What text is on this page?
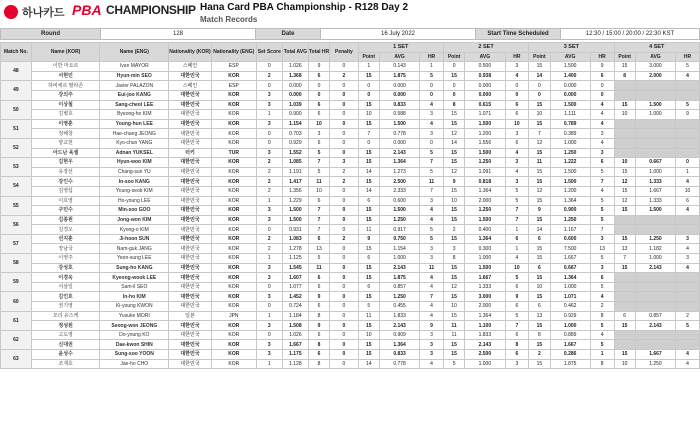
하나카드 PBA CHAMPIONSHIP Hana Card PBA Championship - R128 Day 2
Match Records
Round	128	Date	16 July 2022	Start Time Scheduled	12:30 / 15:00 / 20:00 / 22:30 KST
Match No.	Name (KOR)	Name (ENG)	Nationality (KOR)	Nationality (ENG)	Set Score	Total AVG	Total HR	Penalty	1 SET			2 SET			3 SET			4 SET		
									Point	AVG	HR	Point	AVG	HR	Point	AVG	HR	Point	AVG	HR
48	이반 마요르	Ivan MAYOR	스페인	ESP	0	1.026	9	0	1	0.143	1	0	0.500	3	15	1.500	9	15	3.000	5
	서현민	Hyun-min SEO	대한민국	KOR	2	1.368	6	2	15	1.875	5	15	0.938	4	14	1.400	6	8	2.000	4
49	하비에르 팔라존	Javier PALAZON	스페인	ESP	0	0.000	0	0	0	0.000	0	0	0.000	0	0	0.000	0			
	강의주	Eui-joo KANG	대한민국	KOR	3	0.000	0	0	0	0.000	0	0	0.000	0	0	0.000	0			
50	이상철	Sang-cheol LEE	대한민국	KOR	3	1.039	6	0	15	0.833	4	8	0.615	6	15	1.500	4	15	1.500	5
	김병호	Byeong-ho KIM	대한민국	KOR	1	0.900	6	0	10	0.588	3	15	1.071	6	10	1.111	4	10	1.000	9
51	이영훈	Young-hun LEE	대한민국	KOR	3	1.154	10	0	15	1.500	4	15	1.500	10	15	0.789	4			
	정해창	Hae-chang JEONG	대한민국	KOR	0	0.703	3	0	7	0.778	3	12	1.200	3	7	0.389	3			
52	양교천	Kyo-chun YANG	대한민국	KOR	0	0.929	6	0	0	0.000	0	14	1.556	6	12	1.000	4			
	아드난 육셀	Adnan YUKSEL	터키	TUR	3	1.552	5	0	15	2.143	5	15	1.500	4	15	1.250	3			
53	김현우	Hyun-woo KIM	대한민국	KOR	2	1.085	7	3	15	1.364	7	15	1.250	3	11	1.222	6	10	0.667	0
	유장선	Chang-sun YU	대한민국	KOR	2	1.191	5	2	14	1.273	5	12	1.091	4	15	1.500	5	15	1.000	1
54	강인수	In-soo KANG	대한민국	KOR	2	1.417	11	2	15	2.500	11	9	0.818	3	15	1.500	7	12	1.333	4
	김영섭	Young-seob KIM	대한민국	KOR	2	1.356	10	0	14	2.333	7	15	1.364	5	12	1.200	4	15	1.667	10
55	이호영	Ho-young LEE	대한민국	KOR	1	1.229	6	0	6	0.600	3	10	2.000	5	15	1.364	5	12	1.333	6
	구민수	Min-soo GOO	대한민국	KOR	3	1.500	7	0	15	1.500	4	15	1.250	7	9	0.900	5	15	1.500	4
56	김종원	Jong-won KIM	대한민국	KOR	3	1.500	7	0	15	1.250	4	15	1.500	7	15	1.250	5			
	김경오	Kyong-o KIM	대한민국	KOR	0	0.931	7	0	11	0.917	5	2	0.400	1	14	1.167	7			
57	선지훈	Ji-hoon SUN	대한민국	KOR	2	1.083	6	2	9	0.750	5	15	1.364	6	6	0.600	3	15	1.250	3
	장남국	Nam-guk JANG	대한민국	KOR	2	1.278	13	0	15	1.154	3	3	0.300	1	15	7.500	13	13	1.182	4
58	이영주	Yeon-sung LEE	대한민국	KOR	1	1.125	5	0	6	1.000	3	8	1.000	4	15	1.667	5	7	1.000	3
	강성호	Sung-ho KANG	대한민국	KOR	3	1.545	11	0	15	2.143	11	15	1.500	10	6	0.667	3	15	2.143	4
59	이경욱	Kyeong-wook LEE	대한민국	KOR	3	1.607	6	0	15	1.875	4	15	1.667	5	15	1.364	6			
	서삼일	Sam-il SEO	대한민국	KOR	0	1.077	6	0	6	0.857	4	12	1.333	6	10	1.000	5			
60	김인호	In-ho KIM	대한민국	KOR	3	1.452	9	0	15	1.250	7	15	3.000	9	15	1.071	4			
	권기영	Ki-young KWON	대한민국	KOR	0	0.724	6	0	5	0.455	4	10	2.000	6	6	0.462	2			
61	모리 유스케	Yusuke MORI	일본	JPN	1	1.184	8	0	11	1.833	4	15	1.364	5	13	0.929	8	6	0.857	2
	정성원	Seong-won JEONG	대한민국	KOR	3	1.508	9	0	15	2.143	9	11	1.100	7	15	1.000	5	15	2.143	5
62	고도영	Do-young KO	대한민국	KOR	0	1.026	6	0	10	0.909	3	11	1.833	6	8	0.889	4			
	신대권	Dae-kwon SHIN	대한민국	KOR	3	1.667	8	0	15	1.364	3	15	2.143	8	15	1.667	5			
63	윤성수	Sung-soo YOON	대한민국	KOR	3	1.175	6	0	15	0.833	3	15	2.500	6	2	0.286	1	15	1.667	4
	조재호	Jae-ho CHO	대한민국	KOR	1	1.128	8	0	14	0.778	4	5	1.000	3	15	1.875	8	10	1.250	4
